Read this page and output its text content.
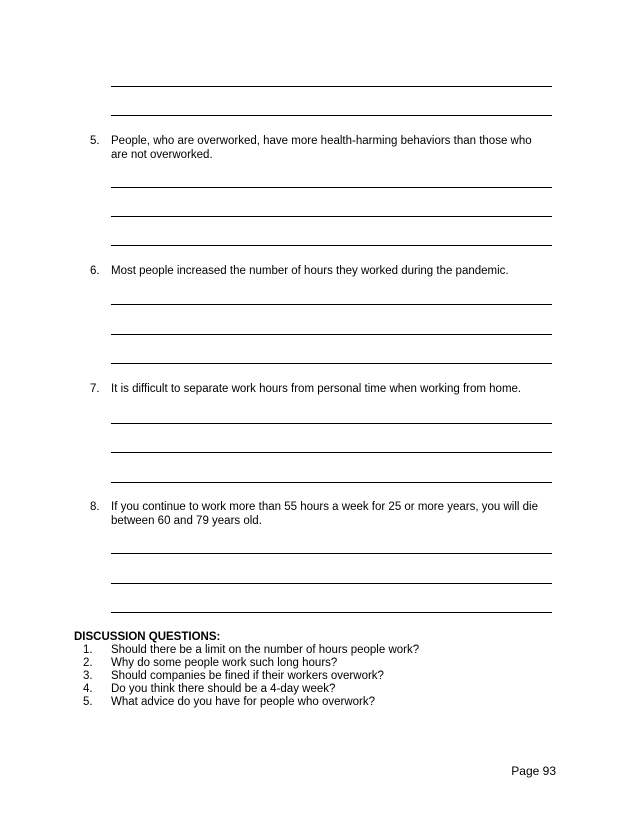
5. People, who are overworked, have more health-harming behaviors than those who are not overworked.
6. Most people increased the number of hours they worked during the pandemic.
7. It is difficult to separate work hours from personal time when working from home.
8. If you continue to work more than 55 hours a week for 25 or more years, you will die between 60 and 79 years old.
DISCUSSION QUESTIONS:
1.	Should there be a limit on the number of hours people work?
2.	Why do some people work such long hours?
3.	Should companies be fined if their workers overwork?
4.	Do you think there should be a 4-day week?
5.	What advice do you have for people who overwork?
Page 93
